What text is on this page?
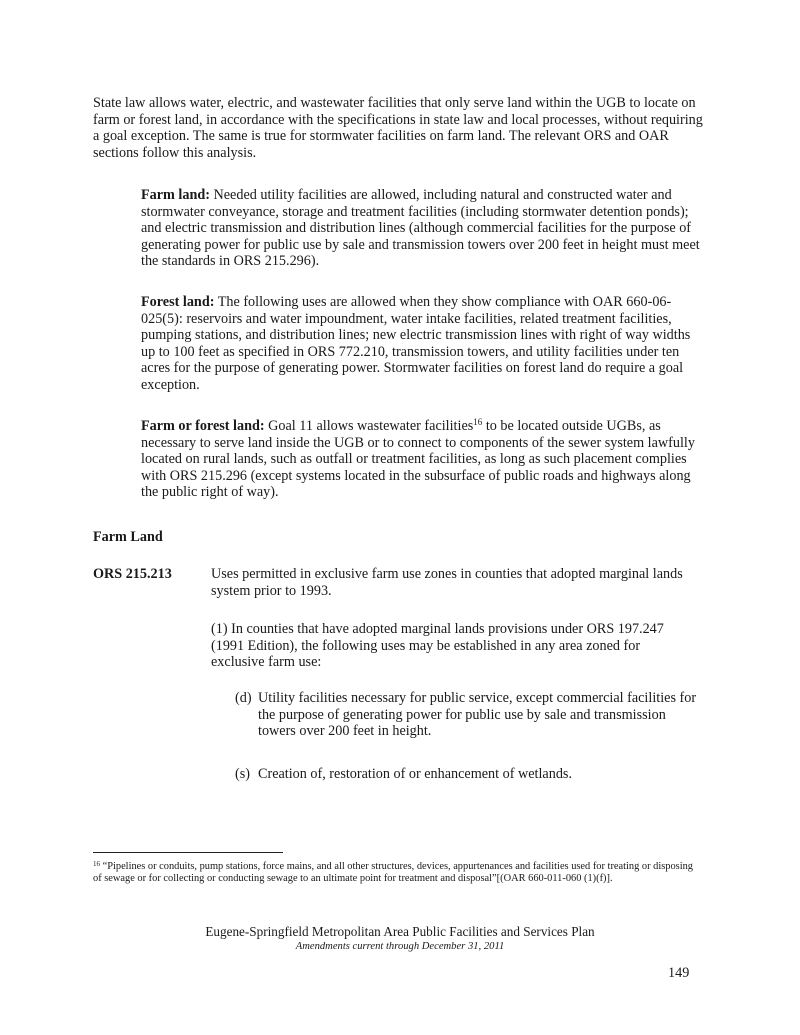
State law allows water, electric, and wastewater facilities that only serve land within the UGB to locate on farm or forest land, in accordance with the specifications in state law and local processes, without requiring a goal exception. The same is true for stormwater facilities on farm land. The relevant ORS and OAR sections follow this analysis.

Farm land: Needed utility facilities are allowed, including natural and constructed water and stormwater conveyance, storage and treatment facilities (including stormwater detention ponds); and electric transmission and distribution lines (although commercial facilities for the purpose of generating power for public use by sale and transmission towers over 200 feet in height must meet the standards in ORS 215.296).

Forest land: The following uses are allowed when they show compliance with OAR 660-06-025(5): reservoirs and water impoundment, water intake facilities, related treatment facilities, pumping stations, and distribution lines; new electric transmission lines with right of way widths up to 100 feet as specified in ORS 772.210, transmission towers, and utility facilities under ten acres for the purpose of generating power. Stormwater facilities on forest land do require a goal exception.

Farm or forest land: Goal 11 allows wastewater facilities$^{16}$ to be located outside UGBs, as necessary to serve land inside the UGB or to connect to components of the sewer system lawfully located on rural lands, such as outfall or treatment facilities, as long as such placement complies with ORS 215.296 (except systems located in the subsurface of public roads and highways along the public right of way).

Farm Land
ORS 215.213	Uses permitted in exclusive farm use zones in counties that adopted marginal lands system prior to 1993.

(1) In counties that have adopted marginal lands provisions under ORS 197.247 (1991 Edition), the following uses may be established in any area zoned for exclusive farm use:

(d) Utility facilities necessary for public service, except commercial facilities for the purpose of generating power for public use by sale and transmission towers over 200 feet in height.
(s) Creation of, restoration of or enhancement of wetlands.
$^{16}$ “Pipelines or conduits, pump stations, force mains, and all other structures, devices, appurtenances and facilities used for treating or disposing of sewage or for collecting or conducting sewage to an ultimate point for treatment and disposal”[(OAR 660-011-060 (1)(f)].
Eugene-Springfield Metropolitan Area Public Facilities and Services Plan
Amendments current through December 31, 2011
149
